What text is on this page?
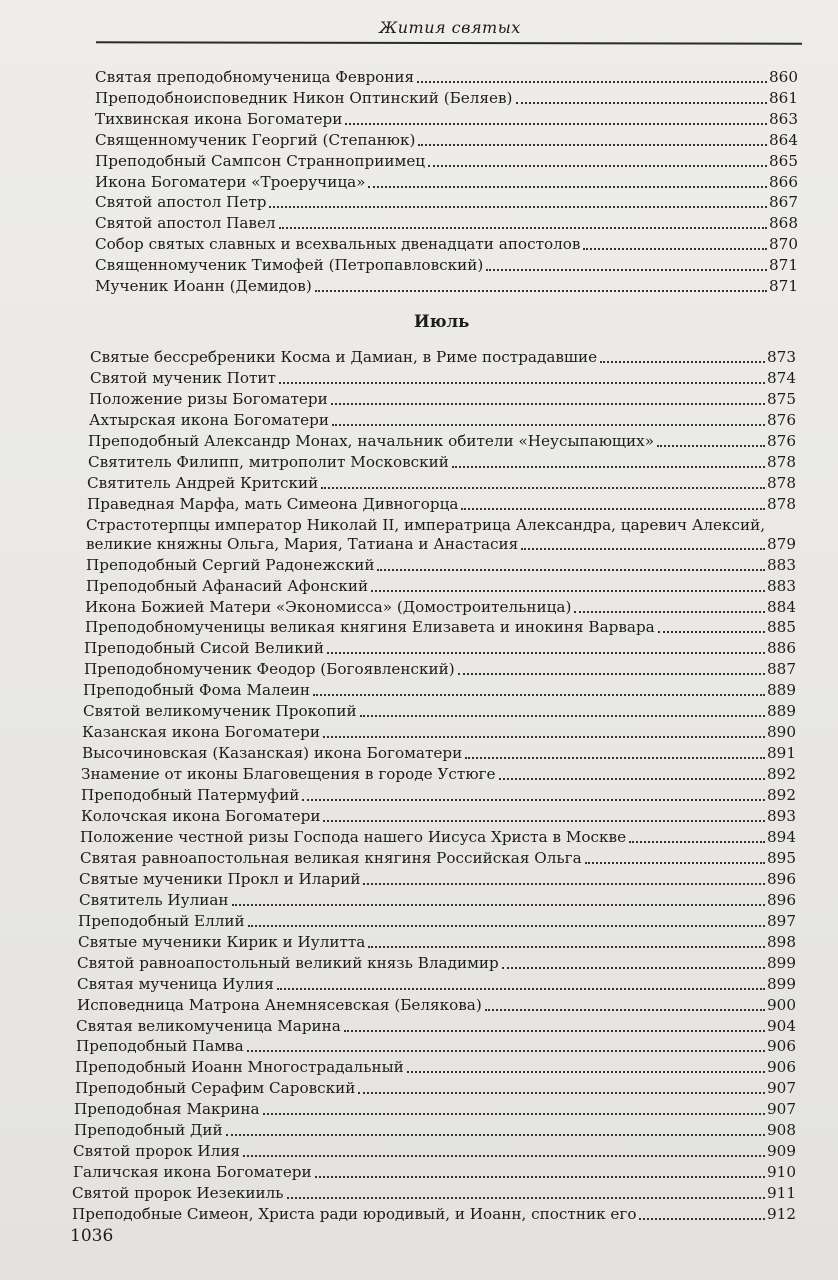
Жития святых
Святая преподобномученица Феврония	860
Преподобноисповедник Никон Оптинский (Беляев)	861
Тихвинская икона Богоматери	863
Священномученик Георгий (Степанюк)	864
Преподобный Сампсон Странноприимец	865
Икона Богоматери «Троеручица»	866
Святой апостол Петр	867
Святой апостол Павел	868
Собор святых славных и всехвальных двенадцати апостолов	870
Священномученик Тимофей (Петропавловский)	871
Мученик Иоанн (Демидов)	871
Святые бессребреники Косма и Дамиан, в Риме пострадавшие	873
Святой мученик Потит	874
Положение ризы Богоматери	875
Ахтырская икона Богоматери	876
Преподобный Александр Монах, начальник обители «Неусыпающих»	876
Святитель Филипп, митрополит Московский	878
Святитель Андрей Критский	878
Праведная Марфа, мать Симеона Дивногорца	878
Страстотерпцы император Николай II, императрица Александра, царевич Алексий,
великие княжны Ольга, Мария, Татиана и Анастасия	879
Преподобный Сергий Радонежский	883
Преподобный Афанасий Афонский	883
Икона Божией Матери «Экономисса» (Домостроительница)	884
Преподобномученицы великая княгиня Елизавета и инокиня Варвара	885
Преподобный Сисой Великий	886
Преподобномученик Феодор (Богоявленский)	887
Преподобный Фома Малеин	889
Святой великомученик Прокопий	889
Казанская икона Богоматери	890
Высочиновская (Казанская) икона Богоматери	891
Знамение от иконы Благовещения в городе Устюге	892
Преподобный Патермуфий	892
Колочская икона Богоматери	893
Положение честной ризы Господа нашего Иисуса Христа в Москве	894
Святая равноапостольная великая княгиня Российская Ольга	895
Святые мученики Прокл и Иларий	896
Святитель Иулиан	896
Преподобный Еллий	897
Святые мученики Кирик и Иулитта	898
Святой равноапостольный великий князь Владимир	899
Святая мученица Иулия	899
Исповедница Матрона Анемнясевская (Белякова)	900
Святая великомученица Марина	904
Преподобный Памва	906
Преподобный Иоанн Многострадальный	906
Преподобный Серафим Саровский	907
Преподобная Макрина	907
Преподобный Дий	908
Святой пророк Илия	909
Галичская икона Богоматери	910
Святой пророк Иезекииль	911
Преподобные Симеон, Христа ради юродивый, и Иоанн, спостник его	912
Июль
1036
